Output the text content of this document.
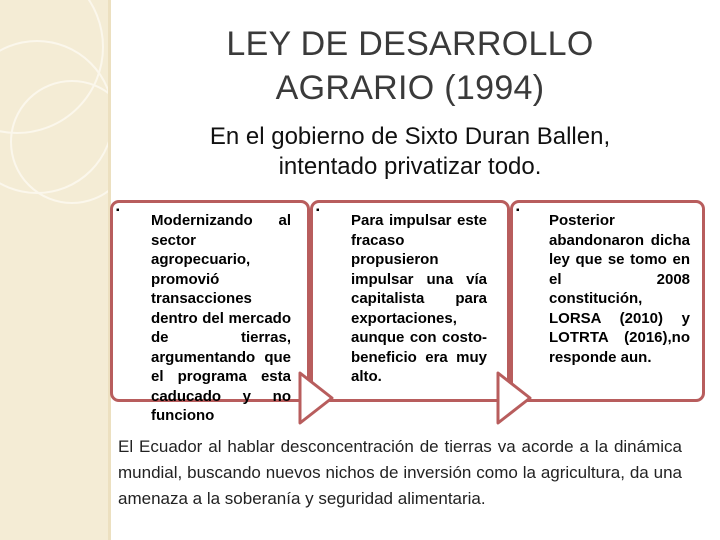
LEY DE DESARROLLO
AGRARIO (1994)
En el gobierno de Sixto Duran Ballen,
intentado privatizar todo.
▪
Modernizando al sector agropecuario, promovió transacciones dentro del mercado de tierras, argumentando que el programa esta caducado y no funciono
▪
Para impulsar este fracaso propusieron impulsar una vía capitalista para exportaciones, aunque con costo- beneficio era muy alto.
▪
Posterior abandonaron dicha ley que se tomo en el 2008 constitución, LORSA (2010) y LOTRTA (2016),no responde aun.
El Ecuador al hablar desconcentración de tierras va acorde a la dinámica mundial, buscando nuevos nichos de inversión como la agricultura, da una amenaza a la soberanía y seguridad alimentaria.
